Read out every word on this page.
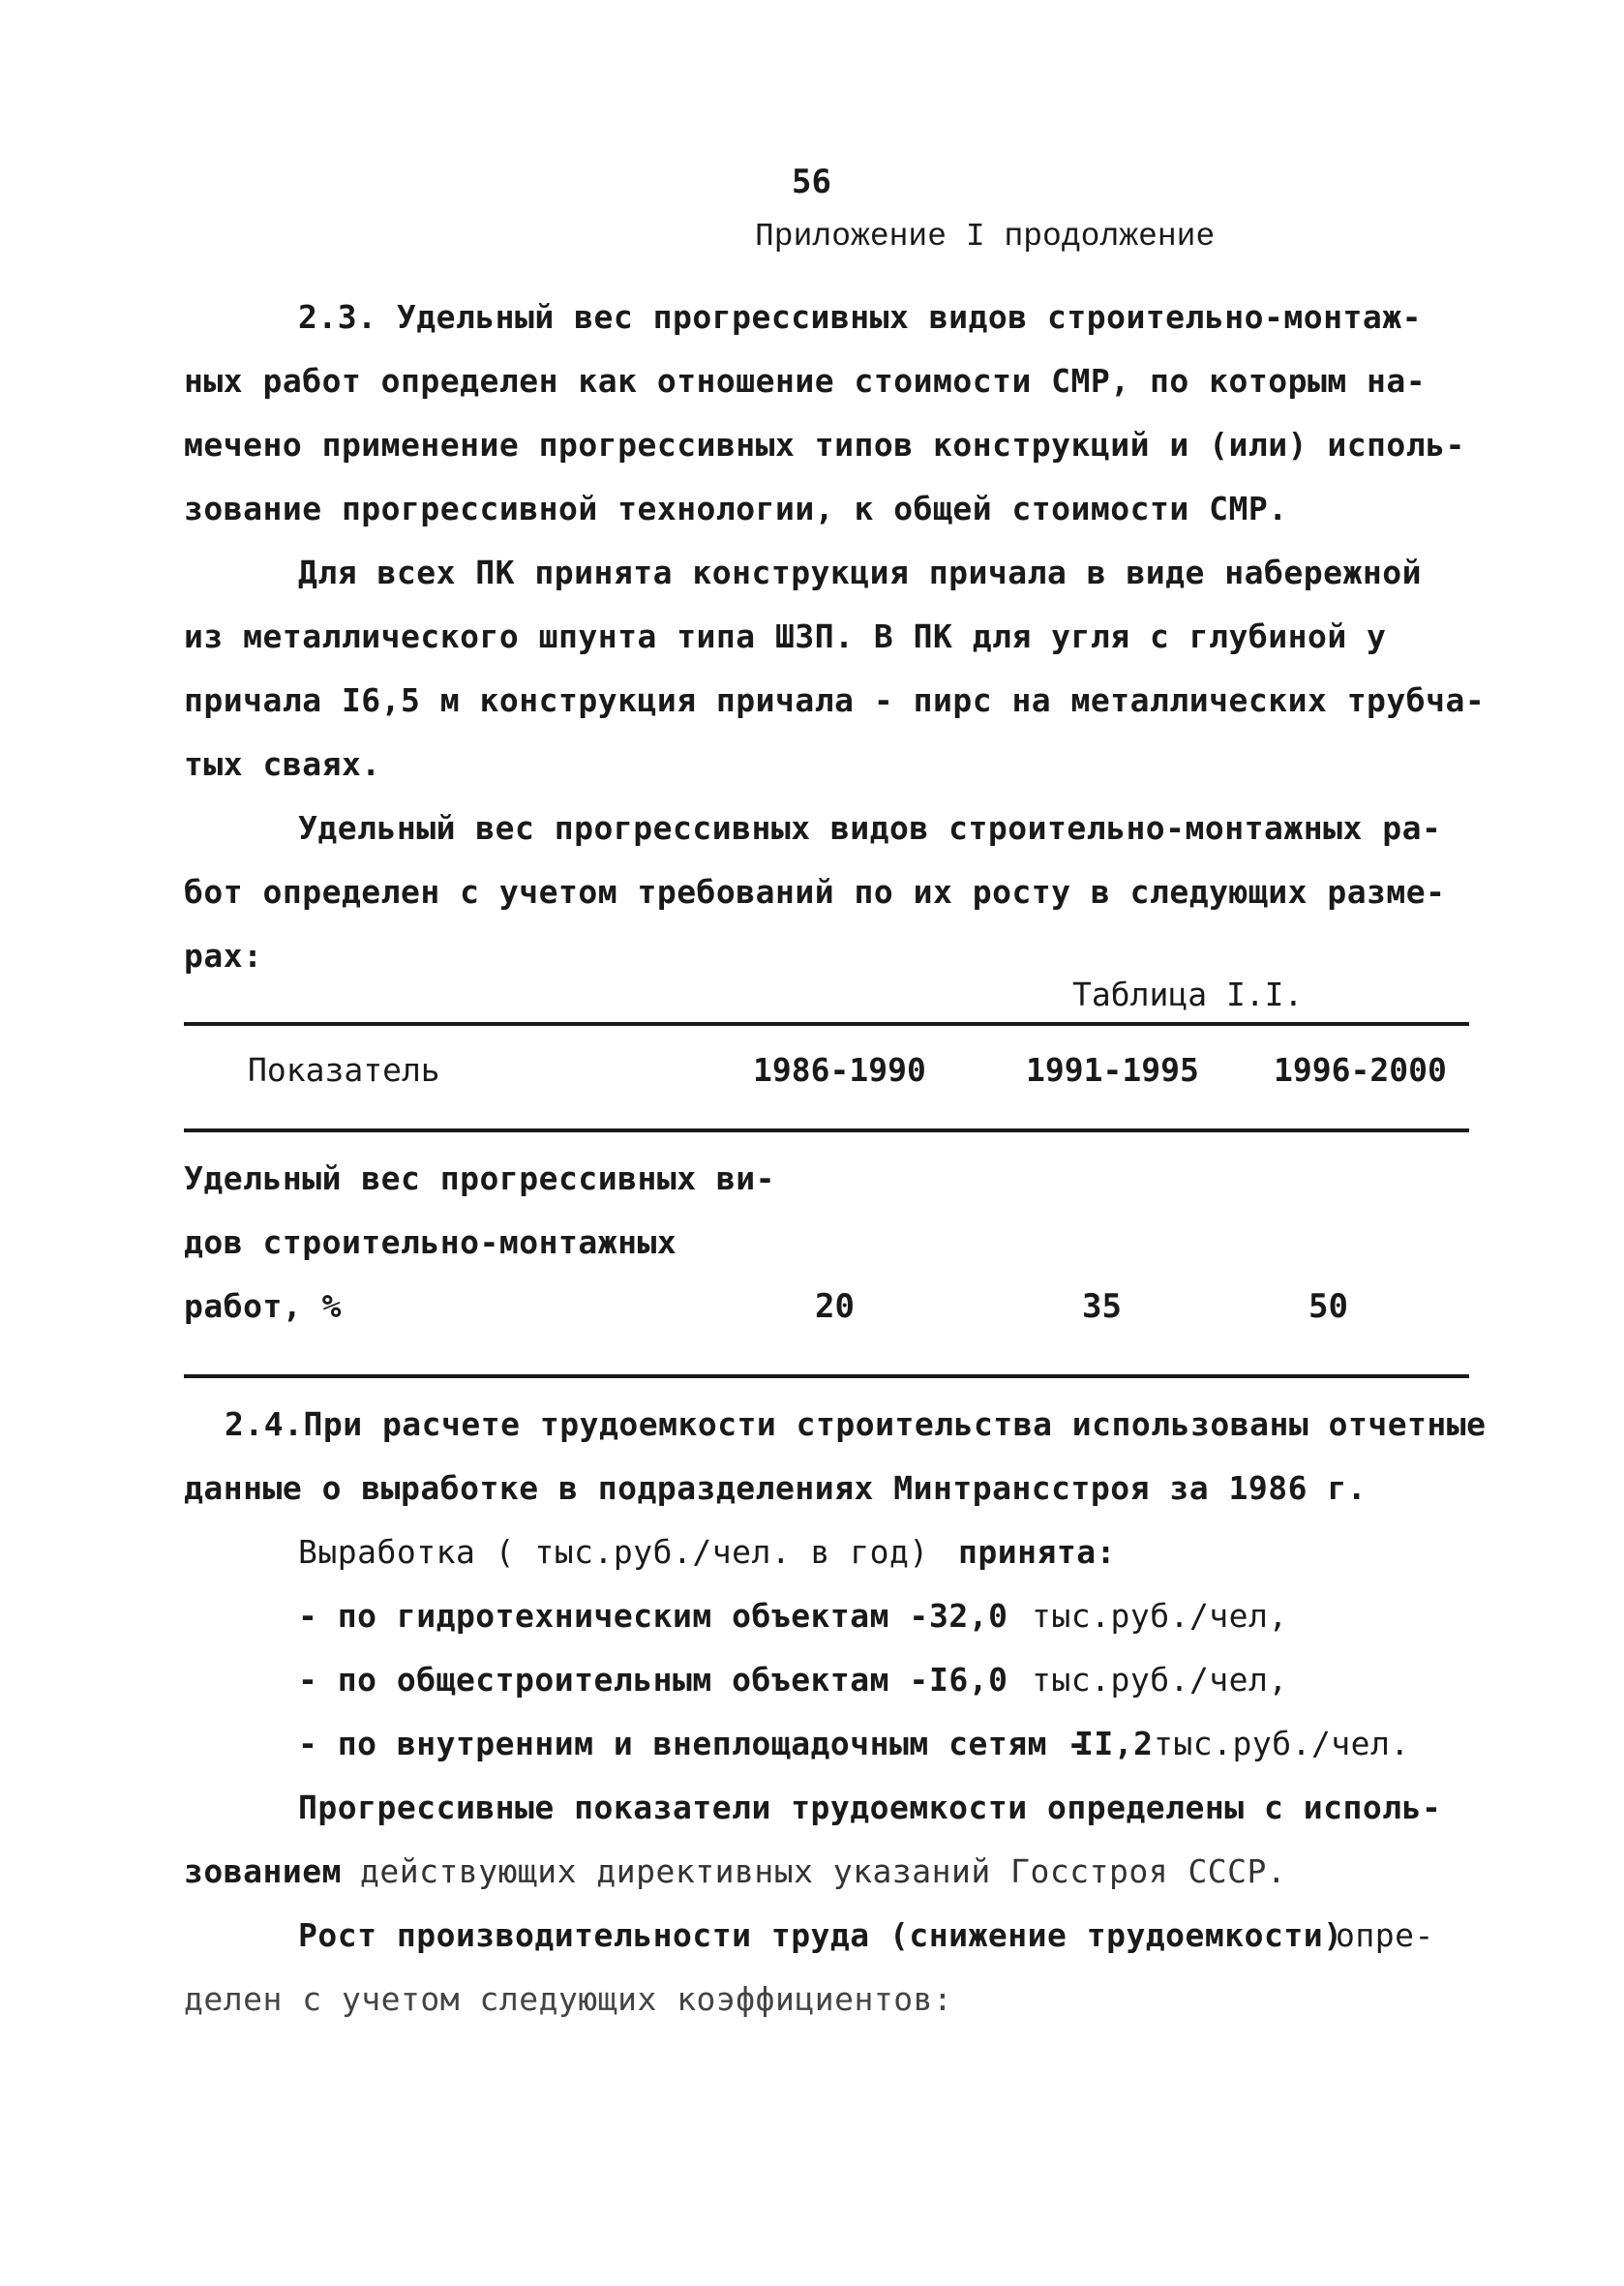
56
Приложение I продолжение
2.3. Удельный вес прогрессивных видов строительно-монтаж-
ных работ определен как отношение стоимости СМР, по которым на-
мечено применение прогрессивных типов конструкций и (или) исполь-
зование прогрессивной технологии, к общей стоимости СМР.
Для всех ПК принята конструкция причала в виде набережной
из металлического шпунта типа ШЗП. В ПК для угля с глубиной у
причала I6,5 м конструкция причала - пирс на металлических трубча-
тых сваях.
Удельный вес прогрессивных видов строительно-монтажных ра-
бот определен с учетом требований по их росту в следующих разме-
рах:
Таблица I.I.
Показатель	1986-1990	1991-1995 1996-2000
Удельный вес прогрессивных ви-
дов строительно-монтажных
работ, %	20	35	50
2.4.При расчете трудоемкости строительства использованы отчетные
данные о выработке в подразделениях Минтрансстроя за 1986 г.
Выработка ( тыс.руб./чел. в год) принята:
- по гидротехническим объектам - 32,0 тыс.руб./чел,
- по общестроительным объектам - I6,0 тыс.руб./чел,
- по внутренним и внеплощадочным сетям -
II,2 тыс.руб./чел.
Прогрессивные показатели трудоемкости определены с исполь-
зованием действующих директивных указаний Госстроя СССР.
Рост производительности труда (снижение трудоемкости)
опре-
делен с учетом следующих коэффициентов:
